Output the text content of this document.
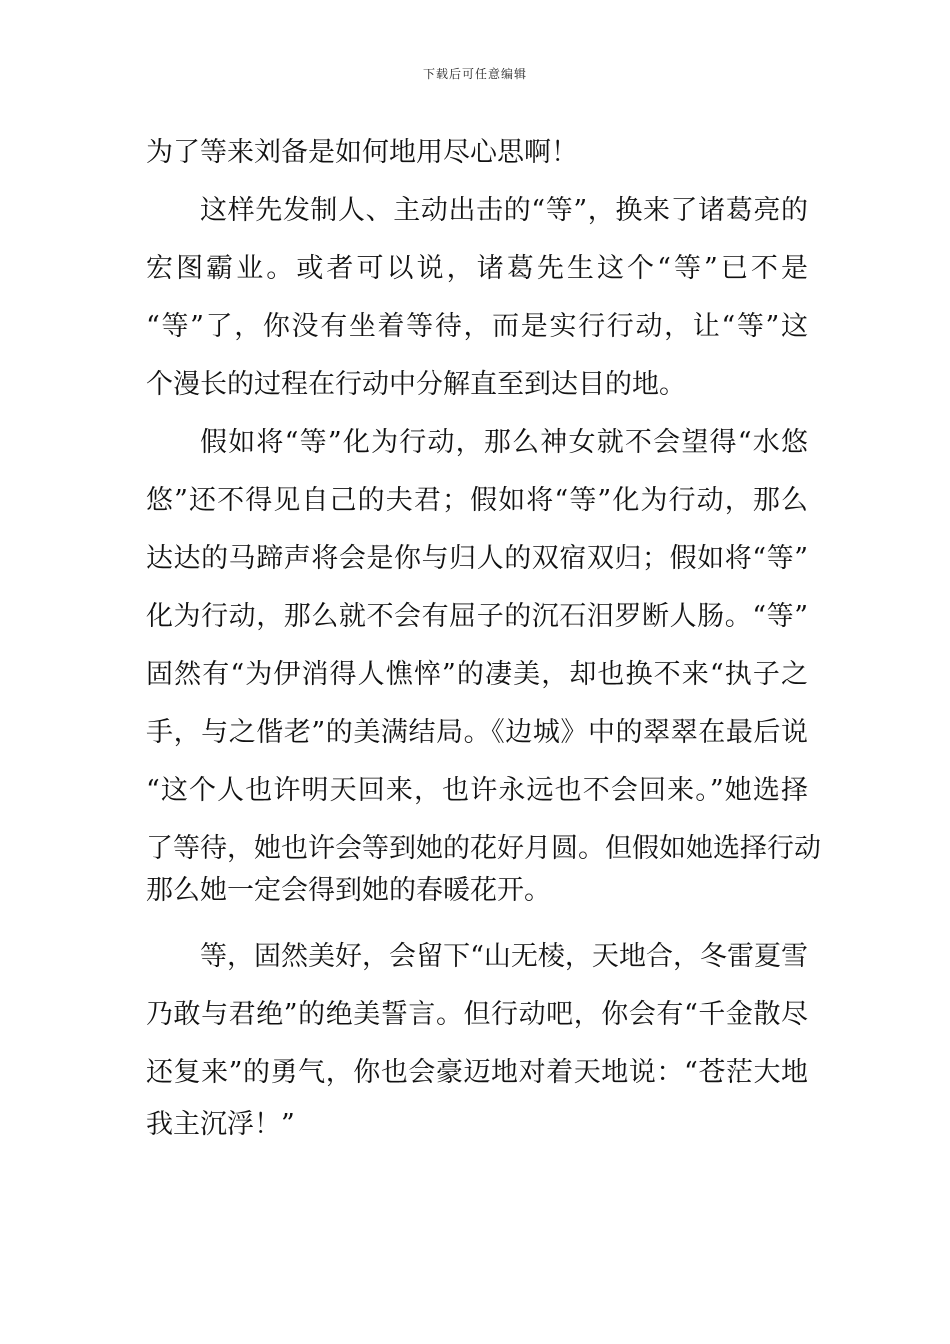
下载后可任意编辑
为了等来刘备是如何地用尽心思啊！
这样先发制人、主动出击的“等”，换来了诸葛亮的
宏图霸业。或者可以说，诸葛先生这个“等”已不是
“等”了，你没有坐着等待，而是实行行动，让“等”这
个漫长的过程在行动中分解直至到达目的地。
假如将“等”化为行动，那么神女就不会望得“水悠
悠”还不得见自己的夫君；假如将“等”化为行动，那么
达达的马蹄声将会是你与归人的双宿双归；假如将“等”
化为行动，那么就不会有屈子的沉石汨罗断人肠。“等”
固然有“为伊消得人憔悴”的凄美，却也换不来“执子之
手，与之偕老”的美满结局。《边城》中的翠翠在最后说
“这个人也许明天回来，也许永远也不会回来。”她选择
了等待，她也许会等到她的花好月圆。但假如她选择行动
那么她一定会得到她的春暖花开。
等，固然美好，会留下“山无棱，天地合，冬雷夏雪
乃敢与君绝”的绝美誓言。但行动吧，你会有“千金散尽
还复来”的勇气，你也会豪迈地对着天地说：“苍茫大地
我主沉浮！”
